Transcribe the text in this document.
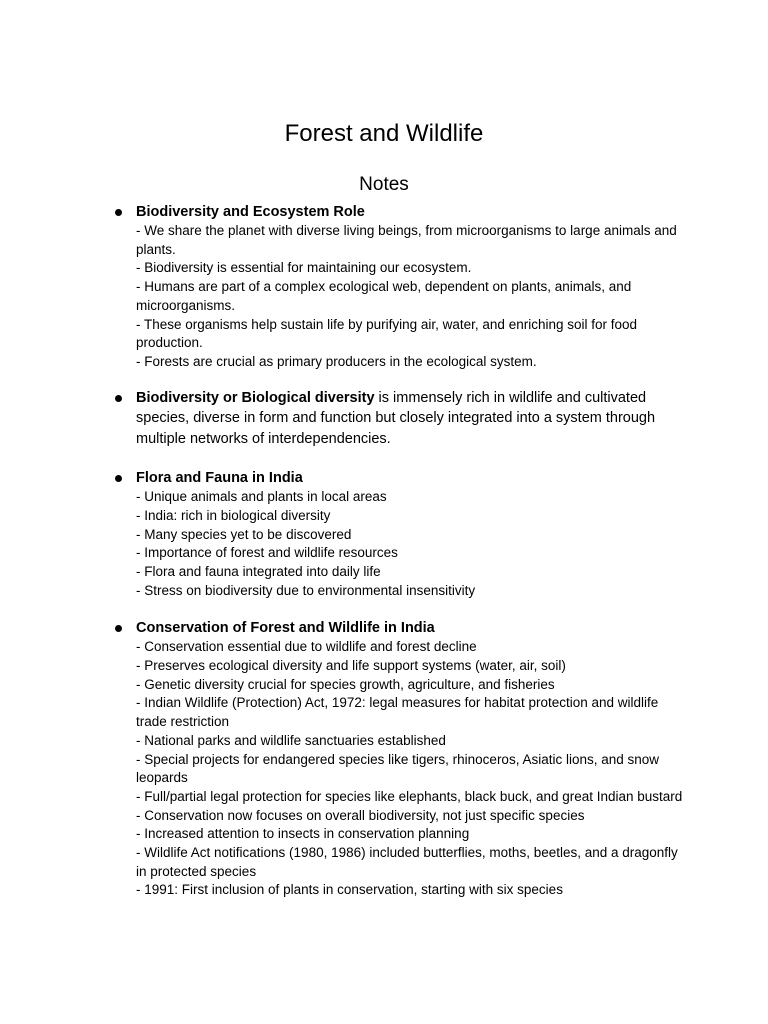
Forest and Wildlife
Notes
Biodiversity and Ecosystem Role
- We share the planet with diverse living beings, from microorganisms to large animals and plants.
- Biodiversity is essential for maintaining our ecosystem.
- Humans are part of a complex ecological web, dependent on plants, animals, and microorganisms.
- These organisms help sustain life by purifying air, water, and enriching soil for food production.
- Forests are crucial as primary producers in the ecological system.
Biodiversity or Biological diversity is immensely rich in wildlife and cultivated species, diverse in form and function but closely integrated into a system through multiple networks of interdependencies.
Flora and Fauna in India
- Unique animals and plants in local areas
- India: rich in biological diversity
- Many species yet to be discovered
- Importance of forest and wildlife resources
- Flora and fauna integrated into daily life
- Stress on biodiversity due to environmental insensitivity
Conservation of Forest and Wildlife in India
- Conservation essential due to wildlife and forest decline
- Preserves ecological diversity and life support systems (water, air, soil)
- Genetic diversity crucial for species growth, agriculture, and fisheries
- Indian Wildlife (Protection) Act, 1972: legal measures for habitat protection and wildlife trade restriction
- National parks and wildlife sanctuaries established
- Special projects for endangered species like tigers, rhinoceros, Asiatic lions, and snow leopards
- Full/partial legal protection for species like elephants, black buck, and great Indian bustard
- Conservation now focuses on overall biodiversity, not just specific species
- Increased attention to insects in conservation planning
- Wildlife Act notifications (1980, 1986) included butterflies, moths, beetles, and a dragonfly in protected species
- 1991: First inclusion of plants in conservation, starting with six species
